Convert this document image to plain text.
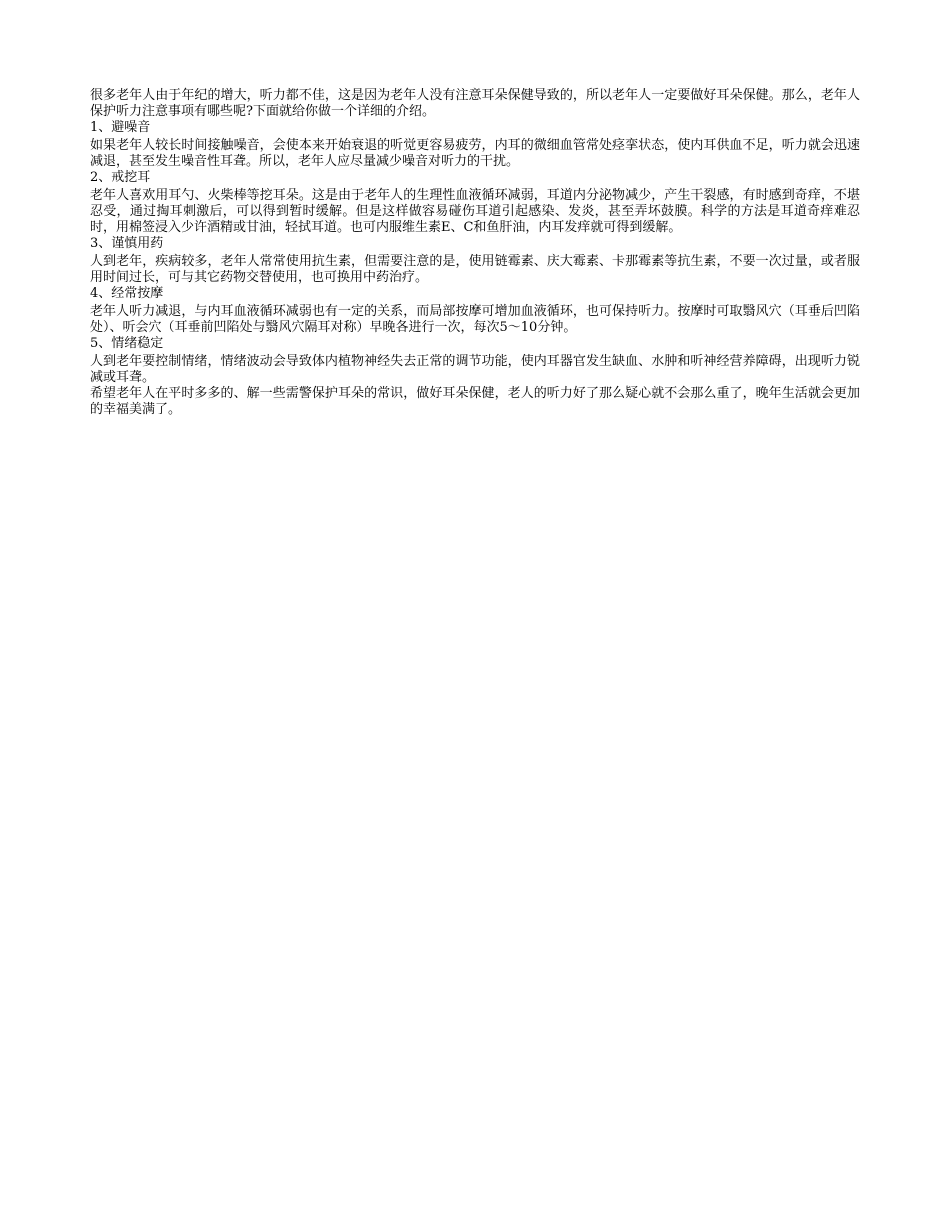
很多老年人由于年纪的增大，听力都不佳，这是因为老年人没有注意耳朵保健导致的，所以老年人一定要做好耳朵保健。那么，老年人保护听力注意事项有哪些呢?下面就给你做一个详细的介绍。

1、避噪音

如果老年人较长时间接触噪音，会使本来开始衰退的听觉更容易疲劳，内耳的微细血管常处痉挛状态，使内耳供血不足，听力就会迅速减退，甚至发生噪音性耳聋。所以，老年人应尽量减少噪音对听力的干扰。

2、戒挖耳

老年人喜欢用耳勺、火柴棒等挖耳朵。这是由于老年人的生理性血液循环减弱，耳道内分泌物减少，产生干裂感，有时感到奇痒，不堪忍受，通过掏耳刺激后，可以得到暂时缓解。但是这样做容易碰伤耳道引起感染、发炎，甚至弄坏鼓膜。科学的方法是耳道奇痒难忍时，用棉签浸入少许酒精或甘油，轻拭耳道。也可内服维生素E、C和鱼肝油，内耳发痒就可得到缓解。

3、谨慎用药

人到老年，疾病较多，老年人常常使用抗生素，但需要注意的是，使用链霉素、庆大霉素、卡那霉素等抗生素，不要一次过量，或者服用时间过长，可与其它药物交替使用，也可换用中药治疗。

4、经常按摩

老年人听力减退，与内耳血液循环减弱也有一定的关系，而局部按摩可增加血液循环，也可保持听力。按摩时可取翳风穴（耳垂后凹陷处）、听会穴（耳垂前凹陷处与翳风穴隔耳对称）早晚各进行一次，每次5～10分钟。

5、情绪稳定

人到老年要控制情绪，情绪波动会导致体内植物神经失去正常的调节功能，使内耳器官发生缺血、水肿和听神经营养障碍，出现听力锐减或耳聋。

希望老年人在平时多多的、解一些需警保护耳朵的常识，做好耳朵保健，老人的听力好了那么疑心就不会那么重了，晚年生活就会更加的幸福美满了。
